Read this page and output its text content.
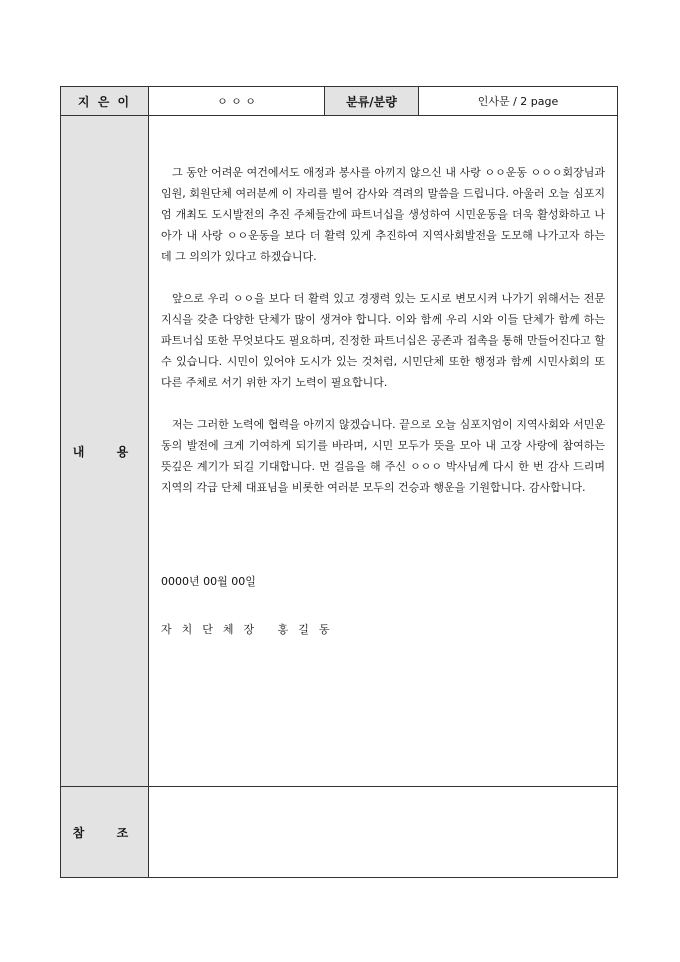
지 은 이	ㅇ ㅇ ㅇ	분류/분량	인사문 / 2 page
내  용	그 동안 어려운 여건에서도 애정과 봉사를 아끼지 않으신 내 사랑 ㅇㅇ운동 ㅇㅇㅇ회장님과 임원, 회원단체 여러분께 이 자리를 빌어 감사와 격려의 말씀을 드립니다. 아울러 오늘 심포지엄 개최도 도시발전의 추진 주체들간에 파트너십을 생성하여 시민운동을 더욱 활성화하고 나아가 내 사랑 ㅇㅇ운동을 보다 더 활력 있게 추진하여 지역사회발전을 도모해 나가고자 하는데 그 의의가 있다고 하겠습니다.

앞으로 우리 ㅇㅇ을 보다 더 활력 있고 경쟁력 있는 도시로 변모시켜 나가기 위해서는 전문지식을 갖춘 다양한 단체가 많이 생겨야 합니다. 이와 함께 우리 시와 이들 단체가 함께 하는 파트너십 또한 무엇보다도 필요하며, 진정한 파트너십은 공존과 접촉을 통해 만들어진다고 할 수 있습니다. 시민이 있어야 도시가 있는 것처럼, 시민단체 또한 행정과 함께 시민사회의 또 다른 주체로 서기 위한 자기 노력이 필요합니다.

저는 그러한 노력에 협력을 아끼지 않겠습니다. 끝으로 오늘 심포지엄이 지역사회와 서민운동의 발전에 크게 기여하게 되기를 바라며, 시민 모두가 뜻을 모아 내 고장 사랑에 참여하는 뜻깊은 계기가 되길 기대합니다. 먼 걸음을 해 주신 ㅇㅇㅇ 박사님께 다시 한 번 감사 드리며 지역의 각급 단체 대표님을 비롯한 여러분 모두의 건승과 행운을 기원합니다. 감사합니다.

0000년 00월 00일
자치단체장 홍길동		

참  조			
